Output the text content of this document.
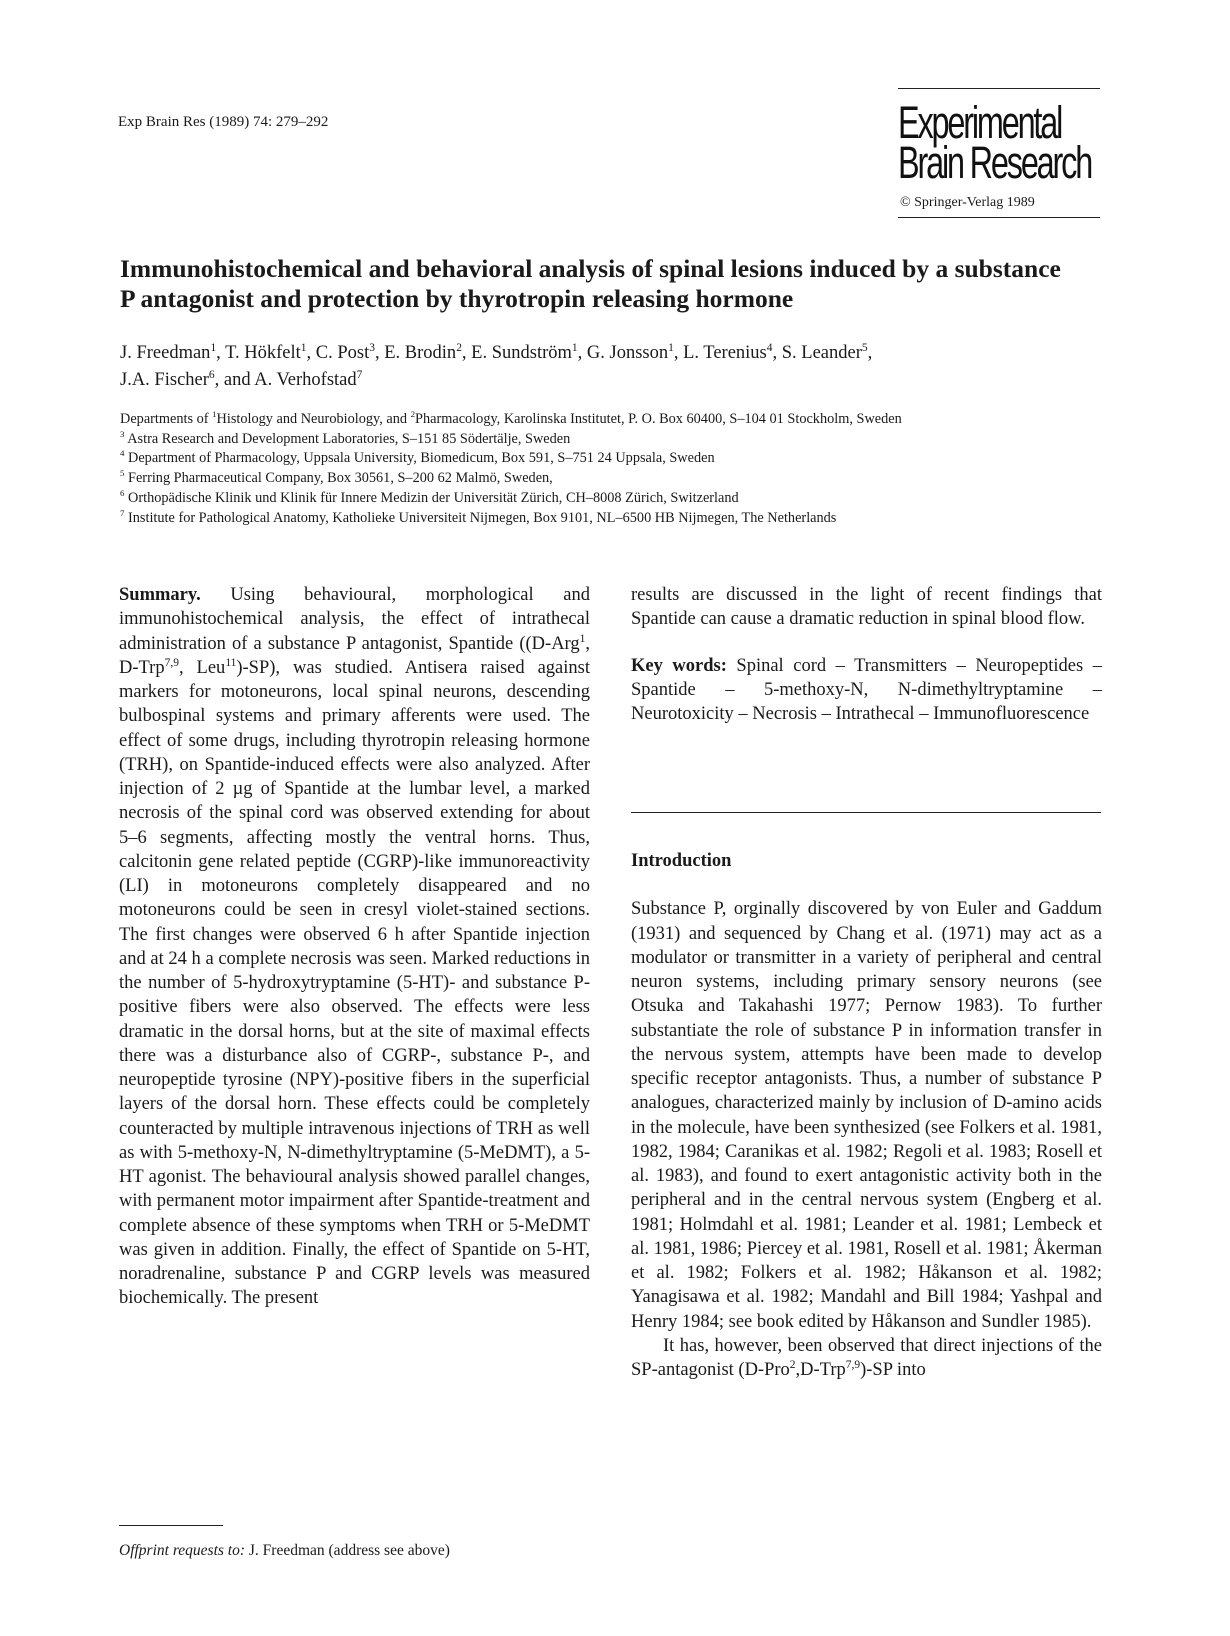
Exp Brain Res (1989) 74: 279–292	Experimental
Brain Research
© Springer-Verlag 1989
Immunohistochemical and behavioral analysis of spinal lesions induced by a substance P antagonist and protection by thyrotropin releasing hormone
J. Freedman$^1$, T. Hökfelt$^1$, C. Post$^3$, E. Brodin$^2$, E. Sundström$^1$, G. Jonsson$^1$, L. Terenius$^4$, S. Leander$^5$,
J.A. Fischer$^6$, and A. Verhofstad$^7$
Departments of $^1$Histology and Neurobiology, and $^2$Pharmacology, Karolinska Institutet, P. O. Box 60400, S–104 01 Stockholm, Sweden
$^3$ Astra Research and Development Laboratories, S–151 85 Södertälje, Sweden
$^4$ Department of Pharmacology, Uppsala University, Biomedicum, Box 591, S–751 24 Uppsala, Sweden
$^5$ Ferring Pharmaceutical Company, Box 30561, S–200 62 Malmö, Sweden,
$^6$ Orthopädische Klinik und Klinik für Innere Medizin der Universität Zürich, CH–8008 Zürich, Switzerland
$^7$ Institute for Pathological Anatomy, Katholieke Universiteit Nijmegen, Box 9101, NL–6500 HB Nijmegen, The Netherlands

Summary. Using behavioural, morphological and immunohistochemical analysis, the effect of intrathecal administration of a substance P antagonist, Spantide ((D-Arg$^1$, D-Trp$^{7,9}$, Leu$^{11}$)-SP), was studied. Antisera raised against markers for motoneurons, local spinal neurons, descending bulbospinal systems and primary afferents were used. The effect of some drugs, including thyrotropin releasing hormone (TRH), on Spantide-induced effects were also analyzed. After injection of 2 µg of Spantide at the lumbar level, a marked necrosis of the spinal cord was observed extending for about 5–6 segments, affecting mostly the ventral horns. Thus, calcitonin gene related peptide (CGRP)-like immunoreactivity (LI) in motoneurons completely disappeared and no motoneurons could be seen in cresyl violet-stained sections. The first changes were observed 6 h after Spantide injection and at 24 h a complete necrosis was seen. Marked reductions in the number of 5-hydroxytryptamine (5-HT)- and substance P-positive fibers were also observed. The effects were less dramatic in the dorsal horns, but at the site of maximal effects there was a disturbance also of CGRP-, substance P-, and neuropeptide tyrosine (NPY)-positive fibers in the superficial layers of the dorsal horn. These effects could be completely counteracted by multiple intravenous injections of TRH as well as with 5-methoxy-N, N-dimethyltryptamine (5-MeDMT), a 5-HT agonist. The behavioural analysis showed parallel changes, with permanent motor impairment after Spantide-treatment and complete absence of these symptoms when TRH or 5-MeDMT was given in addition. Finally, the effect of Spantide on 5-HT, noradrenaline, substance P and CGRP levels was measured biochemically. The present

results are discussed in the light of recent findings that Spantide can cause a dramatic reduction in spinal blood flow.

Key words: Spinal cord – Transmitters – Neuropeptides – Spantide – 5-methoxy-N, N-dimethyltryptamine – Neurotoxicity – Necrosis – Intrathecal – Immunofluorescence

Introduction

Substance P, orginally discovered by von Euler and Gaddum (1931) and sequenced by Chang et al. (1971) may act as a modulator or transmitter in a variety of peripheral and central neuron systems, including primary sensory neurons (see Otsuka and Takahashi 1977; Pernow 1983). To further substantiate the role of substance P in information transfer in the nervous system, attempts have been made to develop specific receptor antagonists. Thus, a number of substance P analogues, characterized mainly by inclusion of D-amino acids in the molecule, have been synthesized (see Folkers et al. 1981, 1982, 1984; Caranikas et al. 1982; Regoli et al. 1983; Rosell et al. 1983), and found to exert antagonistic activity both in the peripheral and in the central nervous system (Engberg et al. 1981; Holmdahl et al. 1981; Leander et al. 1981; Lembeck et al. 1981, 1986; Piercey et al. 1981, Rosell et al. 1981; Åkerman et al. 1982; Folkers et al. 1982; Håkanson et al. 1982; Yanagisawa et al. 1982; Mandahl and Bill 1984; Yashpal and Henry 1984; see book edited by Håkanson and Sundler 1985).

It has, however, been observed that direct injections of the SP-antagonist (D-Pro$^2$,D-Trp$^{7,9}$)-SP into

Offprint requests to: J. Freedman (address see above)
